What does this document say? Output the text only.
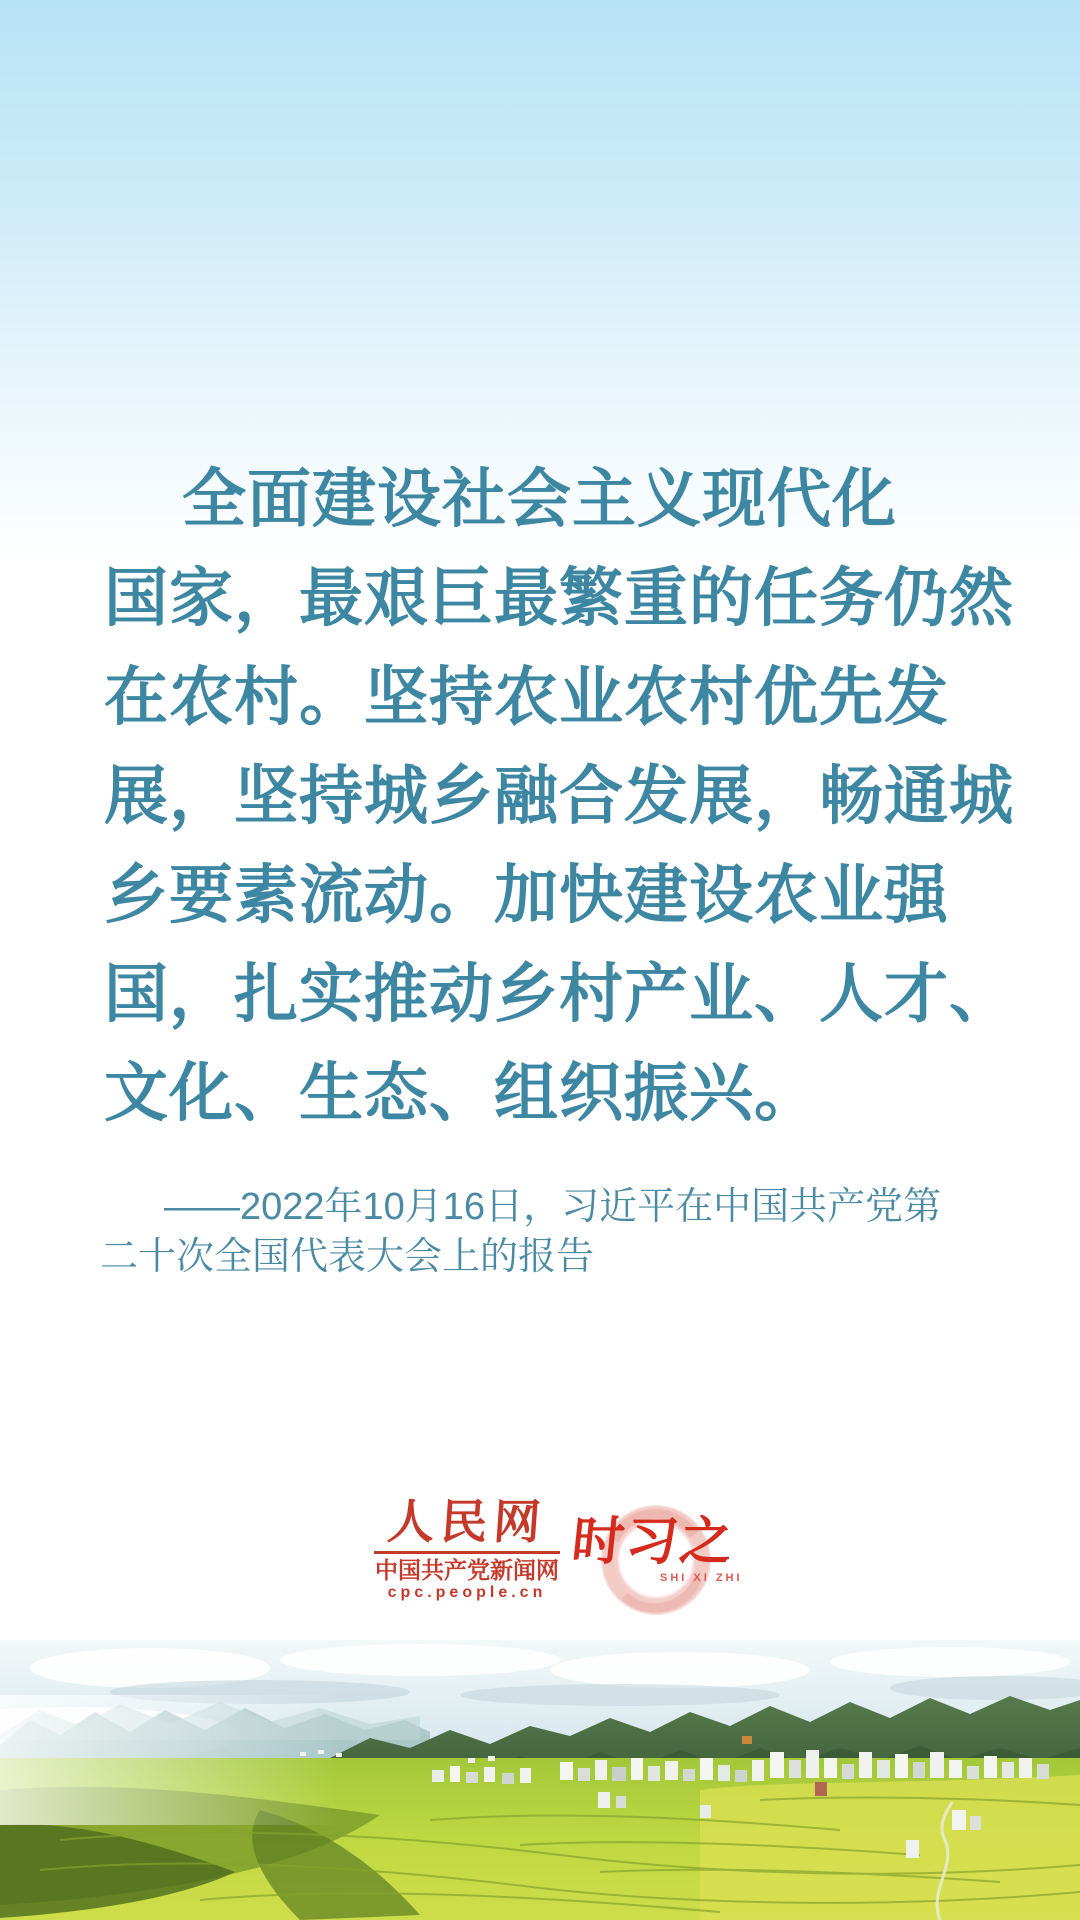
全面建设社会主义现代化
国家，最艰巨最繁重的任务仍然
在农村。坚持农业农村优先发
展，坚持城乡融合发展，畅通城
乡要素流动。加快建设农业强
国，扎实推动乡村产业、人才、
文化、生态、组织振兴。
——2022年10月16日，习近平在中国共产党第
二十次全国代表大会上的报告
人民网
中国共产党新闻网
cpc.people.cn
时习之
SHI XI ZHI
